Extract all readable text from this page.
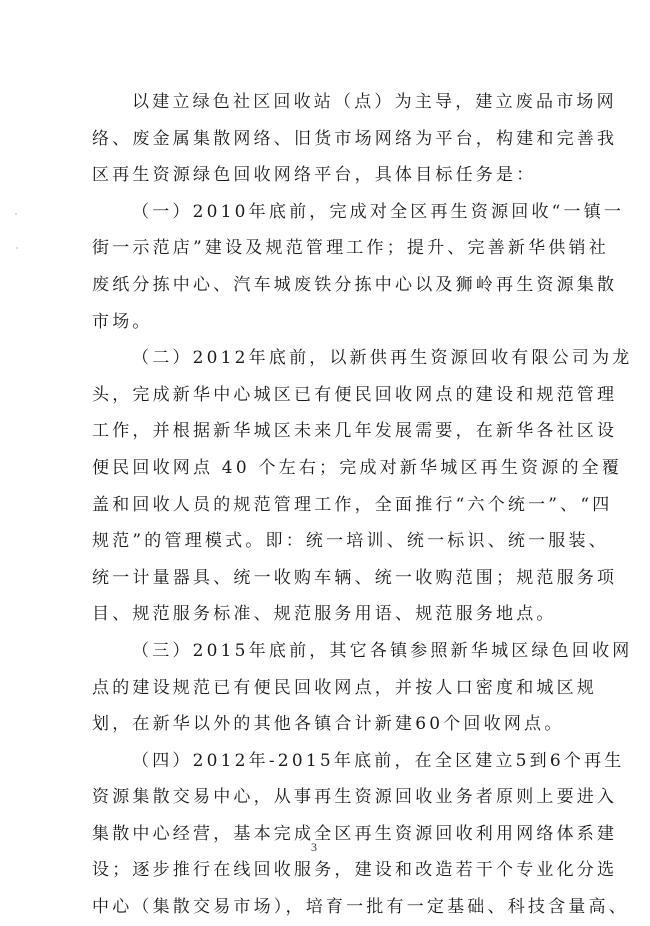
以建立绿色社区回收站（点）为主导，建立废品市场网
络、废金属集散网络、旧货市场网络为平台，构建和完善我
区再生资源绿色回收网络平台，具体目标任务是：
（一）2010年底前，完成对全区再生资源回收“一镇一
街一示范店”建设及规范管理工作；提升、完善新华供销社
废纸分拣中心、汽车城废铁分拣中心以及狮岭再生资源集散
市场。
（二）2012年底前，以新供再生资源回收有限公司为龙
头，完成新华中心城区已有便民回收网点的建设和规范管理
工作，并根据新华城区未来几年发展需要，在新华各社区设
便民回收网点 40 个左右；完成对新华城区再生资源的全覆
盖和回收人员的规范管理工作，全面推行“六个统一”、“四
规范”的管理模式。即：统一培训、统一标识、统一服装、
统一计量器具、统一收购车辆、统一收购范围；规范服务项
目、规范服务标准、规范服务用语、规范服务地点。
（三）2015年底前，其它各镇参照新华城区绿色回收网
点的建设规范已有便民回收网点，并按人口密度和城区规
划，在新华以外的其他各镇合计新建60个回收网点。
（四）2012年-2015年底前，在全区建立5到6个再生
资源集散交易中心，从事再生资源回收业务者原则上要进入
集散中心经营，基本完成全区再生资源回收利用网络体系建
设；逐步推行在线回收服务，建设和改造若干个专业化分选
中心（集散交易市场），培育一批有一定基础、科技含量高、
3
